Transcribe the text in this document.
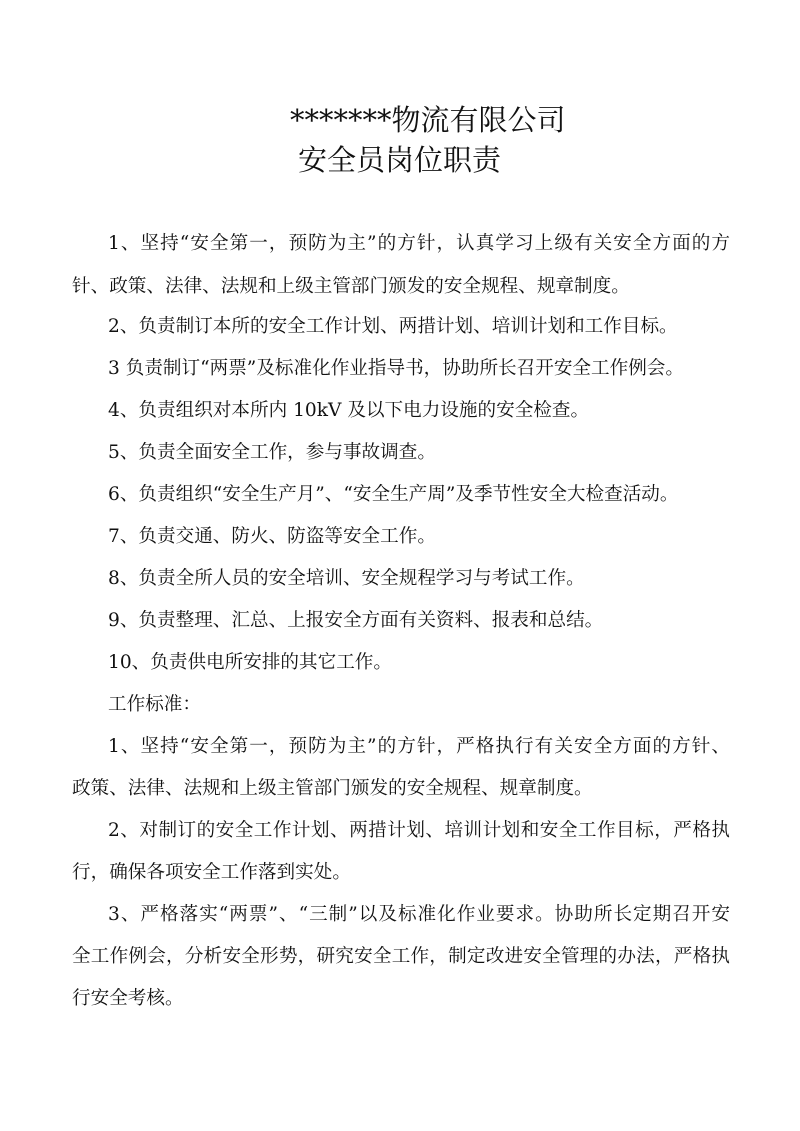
*******物流有限公司
安全员岗位职责
1、坚持“安全第一，预防为主”的方针，认真学习上级有关安全方面的方
针、政策、法律、法规和上级主管部门颁发的安全规程、规章制度。
2、负责制订本所的安全工作计划、两措计划、培训计划和工作目标。
3 负责制订“两票”及标准化作业指导书，协助所长召开安全工作例会。
4、负责组织对本所内 10kV 及以下电力设施的安全检查。
5、负责全面安全工作，参与事故调查。
6、负责组织“安全生产月”、“安全生产周”及季节性安全大检查活动。
7、负责交通、防火、防盗等安全工作。
8、负责全所人员的安全培训、安全规程学习与考试工作。
9、负责整理、汇总、上报安全方面有关资料、报表和总结。
10、负责供电所安排的其它工作。
工作标准：
1、坚持“安全第一，预防为主”的方针，严格执行有关安全方面的方针、
政策、法律、法规和上级主管部门颁发的安全规程、规章制度。
2、对制订的安全工作计划、两措计划、培训计划和安全工作目标，严格执
行，确保各项安全工作落到实处。
3、严格落实“两票”、“三制”以及标准化作业要求。协助所长定期召开安
全工作例会，分析安全形势，研究安全工作，制定改进安全管理的办法，严格执
行安全考核。
